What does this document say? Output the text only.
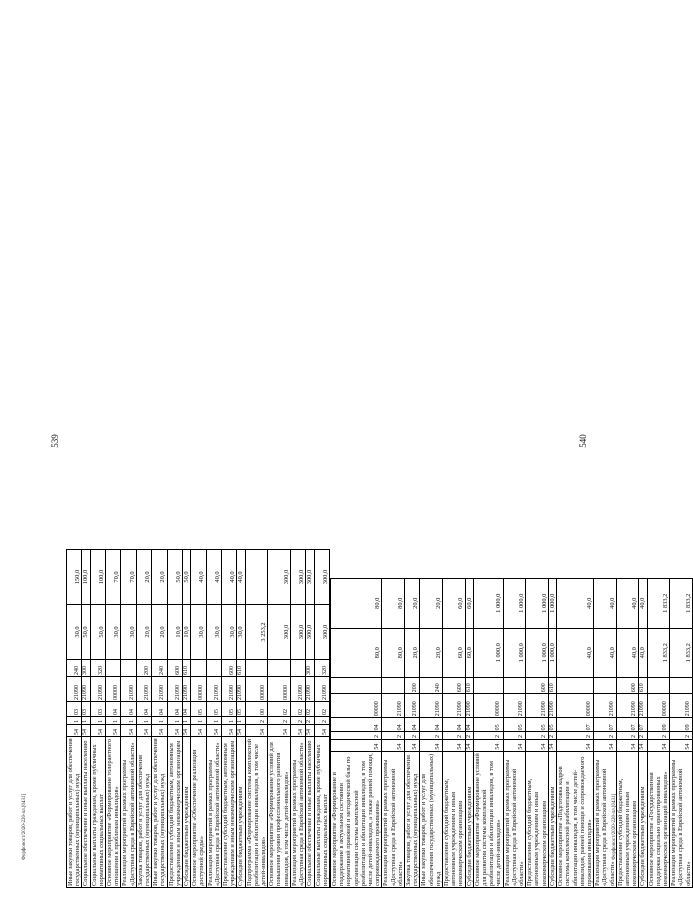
539	540
Форфоност/2020-220-лл.[0431]	Форфоност/2020-220-лл.[0431]
Иные закупки товаров, работ и услуг для обеспечения государственных (муниципальных) нужд	54	1	03	21090	240	30,0	150,0
Социальное обеспечение и иные выплаты населению	54	1	03	21090	300	50,0	100,0
Социальные выплаты гражданам, кроме публичных нормативных социальных выплат	54	1	03	21090	320	50,0	100,0
Основное мероприятие «Формирование толерантного отношения к проблемам инвалидов»	54	1	04	00000		30,0	70,0
Реализация мероприятий в рамках программы «Доступная среда в Еврейской автономной области»	54	1	04	21090		30,0	70,0
Закупка товаров, работ и услуг для обеспечения государственных (муниципальных) нужд	54	1	04	21090	200	20,0	20,0
Иные закупки товаров, работ и услуг для обеспечения государственных (муниципальных) нужд	54	1	04	21090	240	20,0	20,0
Предоставление субсидий бюджетным, автономным учреждениям и иным некоммерческим организациям	54	1	04	21090	600	10,0	50,0
Субсидии бюджетным учреждениям	54	1	04	21090	610	10,0	50,0
Основное мероприятие «Обеспечение реализации доступной среды»	54	1	05	00000		30,0	40,0
Реализация мероприятий в рамках программы «Доступная среда в Еврейской автономной области»	54	1	05	21090		30,0	40,0
Предоставление субсидий бюджетным, автономным учреждениям и иным некоммерческим организациям	54	1	05	21090	600	30,0	40,0
Субсидии бюджетным учреждениям	54	1	05	21090	610	30,0	40,0
Подпрограмма «Формирование системы комплексной реабилитации и абилитации инвалидов, в том числе детей-инвалидов»	54	2	00	00000		3 253,2	
Основное мероприятие «Формирование условий для повышения уровня профессионального развития инвалидов, в том числе детей-инвалидов»	54	2	02	00000		300,0	300,0
Реализация мероприятий в рамках программы «Доступная среда в Еврейской автономной области»	54	2	02	21090		300,0	300,0
Социальное обеспечение и иные выплаты населению	54	2	02	21090	300	300,0	300,0
Социальные выплаты гражданам, кроме публичных нормативных социальных выплат	54	2	02	21090	320	300,0	300,0
Основное мероприятие «Формирование и поддержание в актуальном состоянии нормативной правовой и методической базы по организации системы комплексной реабилитации и абилитации инвалидов, в том числе детей-инвалидов, а также ранней помощи, сопровождаемого проживания»	54	2	04	00000		80,0	80,0
Реализация мероприятий в рамках программы «Доступная среда в Еврейской автономной области»	54	2	04	21090		80,0	80,0
Закупка товаров, работ и услуг для обеспечения государственных (муниципальных) нужд	54	2	04	21090	200	20,0	20,0
Иные закупки товаров, работ и услуг для обеспечения государственных (муниципальных) нужд	54	2	04	21090	240	20,0	20,0
Предоставление субсидий бюджетным, автономным учреждениям и иным некоммерческим организациям	54	2	04	21090	600	60,0	60,0
Субсидии бюджетным учреждениям	54	2	04	21090	610	60,0	60,0
Основное мероприятие «Формирование условий для развития системы комплексной реабилитации и абилитации инвалидов, в том числе детей-инвалидов»	54	2	05	00000		1 000,0	1 000,0
Реализация мероприятий в рамках программы «Доступная среда в Еврейской автономной области»	54	2	05	21090		1 000,0	1 000,0
Предоставление субсидий бюджетным, автономным учреждениям и иным некоммерческим организациям	54	2	05	21090	600	1 000,0	1 000,0
Субсидии бюджетным учреждениям	54	2	05	21090	610	1 000,0	1 000,0
Основное мероприятие «Подготовка кадров системы комплексной реабилитации и абилитации инвалидов, в том числе детей-инвалидов, ранней помощи и сопровождаемого проживания инвалидов»	54	2	07	00000		40,0	40,0
Реализация мероприятий в рамках программы «Доступная среда в Еврейской автономной области»	54	2	07	21090		40,0	40,0
Предоставление субсидий бюджетным, автономным учреждениям и иным некоммерческим организациям	54	2	07	21090	600	40,0	40,0
Субсидии бюджетным учреждениям	54	2	07	21090	610	40,0	40,0
Основное мероприятие «Государственная поддержка социально ориентированных некоммерческих организаций инвалидов»	54	2	09	00000		1 833,2	1 833,2
Реализация мероприятий в рамках программы «Доступная среда в Еврейской автономной области»	54	2	09	21090		1 833,2	1 833,2
